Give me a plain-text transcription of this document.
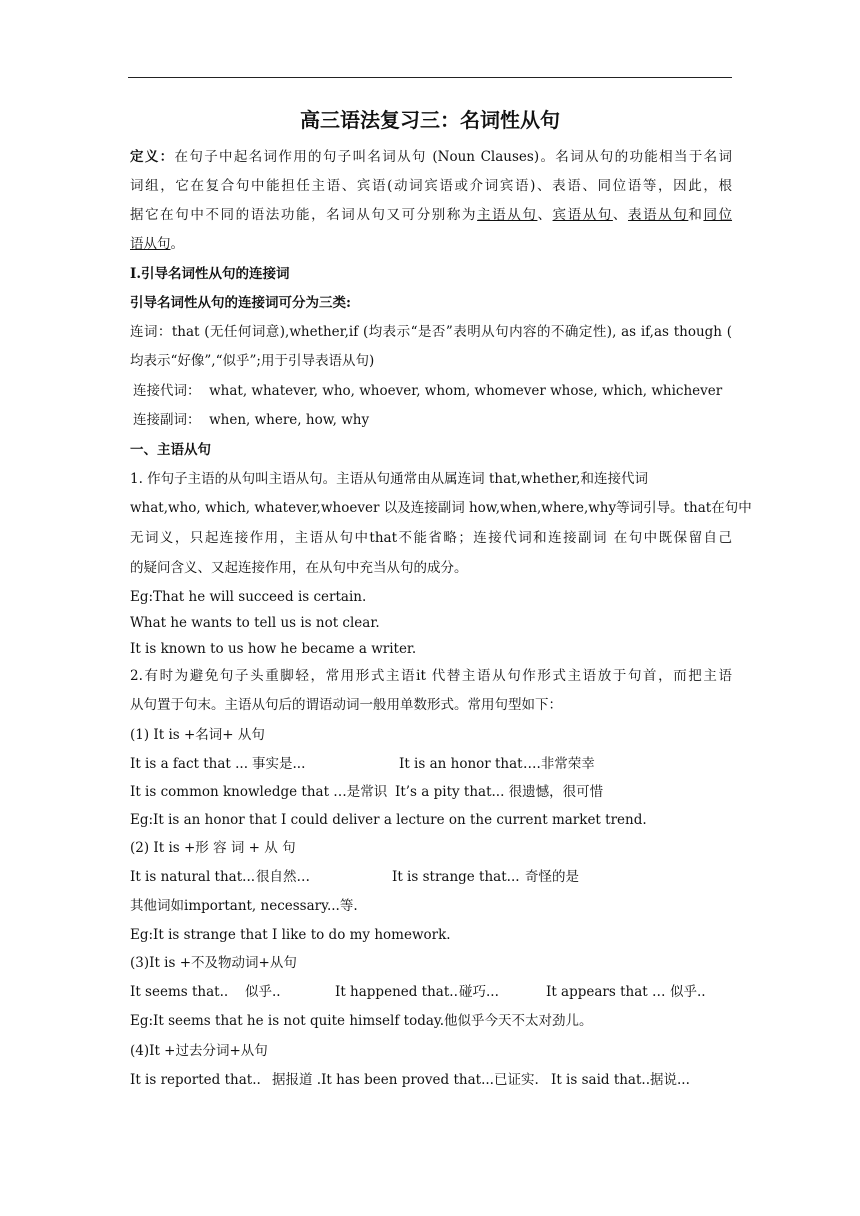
高三语法复习三：名词性从句
定义：在句子中起名词作用的句子叫名词从句 (Noun Clauses)。名词从句的功能相当于名词
词组，它在复合句中能担任主语、宾语(动词宾语或介词宾语)、表语、同位语等，因此，根
据它在句中不同的语法功能，名词从句又可分别称为主语从句、宾语从句、表语从句和同位
语从句。
I.引导名词性从句的连接词
引导名词性从句的连接词可分为三类:
连词：that (无任何词意),whether,if (均表示“是否”表明从句内容的不确定性), as if,as though (
均表示“好像”,“似乎”;用于引导表语从句)
连接代词： what, whatever, who, whoever, whom, whomever whose, which, whichever
连接副词： when, where, how, why
一、主语从句
1. 作句子主语的从句叫主语从句。主语从句通常由从属连词 that,whether,和连接代词
what,who, which, whatever,whoever 以及连接副词 how,when,where,why等词引导。that在句中
无词义，只起连接作用，主语从句中that不能省略；连接代词和连接副词 在句中既保留自己
的疑问含义、又起连接作用，在从句中充当从句的成分。
Eg:That he will succeed is certain.
What he wants to tell us is not clear.
It is known to us how he became a writer.
2.有时为避免句子头重脚轻，常用形式主语it 代替主语从句作形式主语放于句首，而把主语
从句置于句末。主语从句后的谓语动词一般用单数形式。常用句型如下：
(1) It is +名词+ 从句
It is a fact that ... 事实是...	It is an honor that….非常荣幸
It is common knowledge that …是常识 It’s a pity that... 很遗憾，很可惜
Eg:It is an honor that I could deliver a lecture on the current market trend.
(2) It is +形 容 词 + 从 句
It is natural that...很自然…	It is strange that... 奇怪的是
其他词如important, necessary...等.
Eg:It is strange that I like to do my homework.
(3)It is +不及物动词+从句
It seems that.. 似乎..	It happened that..碰巧...	It appears that … 似乎..
Eg:It seems that he is not quite himself today.他似乎今天不太对劲儿。
(4)It +过去分词+从句
It is reported that.. 据报道 .It has been proved that...已证实. It is said that..据说...
